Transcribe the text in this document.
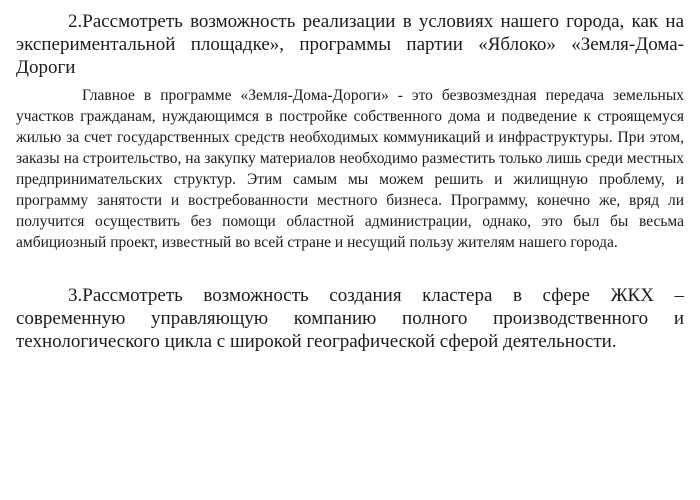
2.Рассмотреть возможность реализации в условиях нашего города, как на экспериментальной площадке», программы партии «Яблоко» «Земля-Дома-Дороги

Главное в программе «Земля-Дома-Дороги» - это безвозмездная передача земельных участков гражданам, нуждающимся в постройке собственного дома и подведение к строящемуся жилью за счет государственных средств необходимых коммуникаций и инфраструктуры. При этом, заказы на строительство, на закупку материалов необходимо разместить только лишь среди местных предпринимательских структур. Этим самым мы можем решить и жилищную проблему, и программу занятости и востребованности местного бизнеса. Программу, конечно же, вряд ли получится осуществить без помощи областной администрации, однако, это был бы весьма амбициозный проект, известный во всей стране и несущий пользу жителям нашего города.

3.Рассмотреть возможность создания кластера в сфере ЖКХ – современную управляющую компанию полного производственного и технологического цикла с широкой географической сферой деятельности.
